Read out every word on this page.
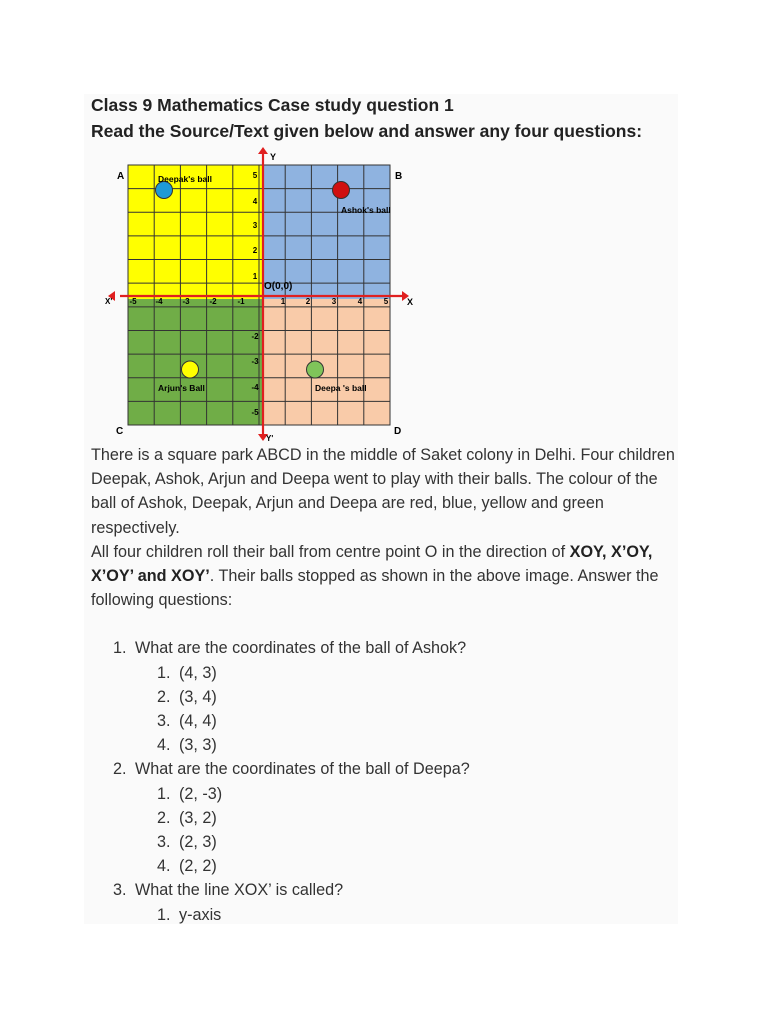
Class 9 Mathematics Case study question 1
Read the Source/Text given below and answer any four questions:
A	B
C	D
Y
Y'
X
X'
O(0,0)
-5 -4 -3 -2	-1	1	2	3	4	5
1
2
3
4
5
-2
-3
-4
-5
Deepak's ball
Ashok's ball
Arjun's Ball	Deepa 's ball

There is a square park ABCD in the middle of Saket colony in Delhi. Four children Deepak, Ashok, Arjun and Deepa went to play with their balls. The colour of the ball of Ashok, Deepak, Arjun and Deepa are red, blue, yellow and green respectively.

All four children roll their ball from centre point O in the direction of XOY, X’OY, X’OY’ and XOY’. Their balls stopped as shown in the above image. Answer the following questions:

1. What are the coordinates of the ball of Ashok?
1. (4, 3)
2. (3, 4)
3. (4, 4)
4. (3, 3)
2. What are the coordinates of the ball of Deepa?
1. (2, -3)
2. (3, 2)
3. (2, 3)
4. (2, 2)
3. What the line XOX’ is called?
1. y-axis
